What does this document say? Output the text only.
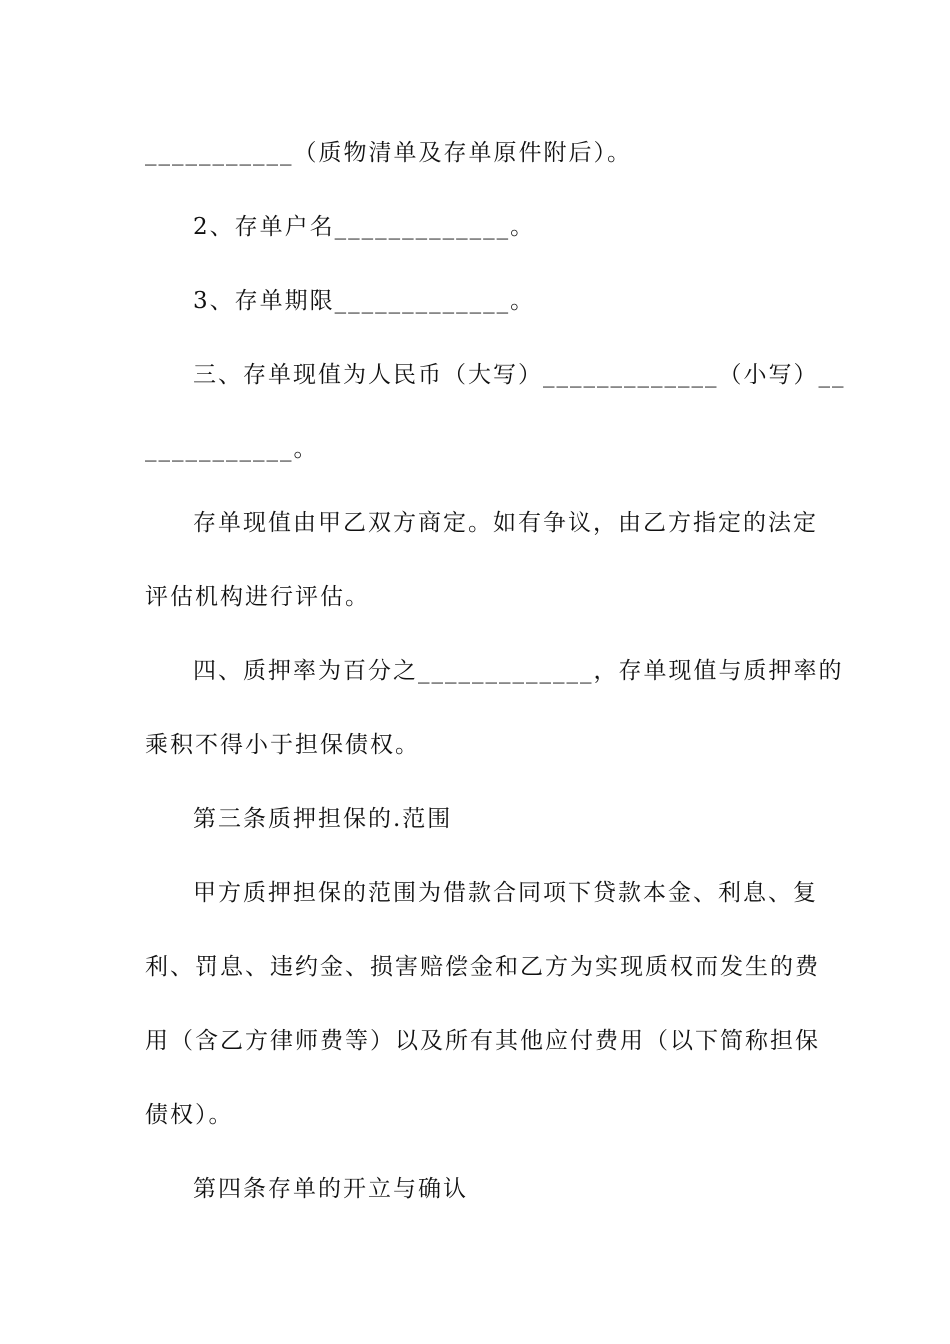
___________（质物清单及存单原件附后）。

2、存单户名_____________。

3、存单期限_____________。

三、存单现值为人民币（大写）_____________（小写）__

___________。

存单现值由甲乙双方商定。如有争议，由乙方指定的法定

评估机构进行评估。

四、质押率为百分之_____________，存单现值与质押率的

乘积不得小于担保债权。

第三条质押担保的.范围

甲方质押担保的范围为借款合同项下贷款本金、利息、复

利、罚息、违约金、损害赔偿金和乙方为实现质权而发生的费

用（含乙方律师费等）以及所有其他应付费用（以下简称担保

债权）。

第四条存单的开立与确认
